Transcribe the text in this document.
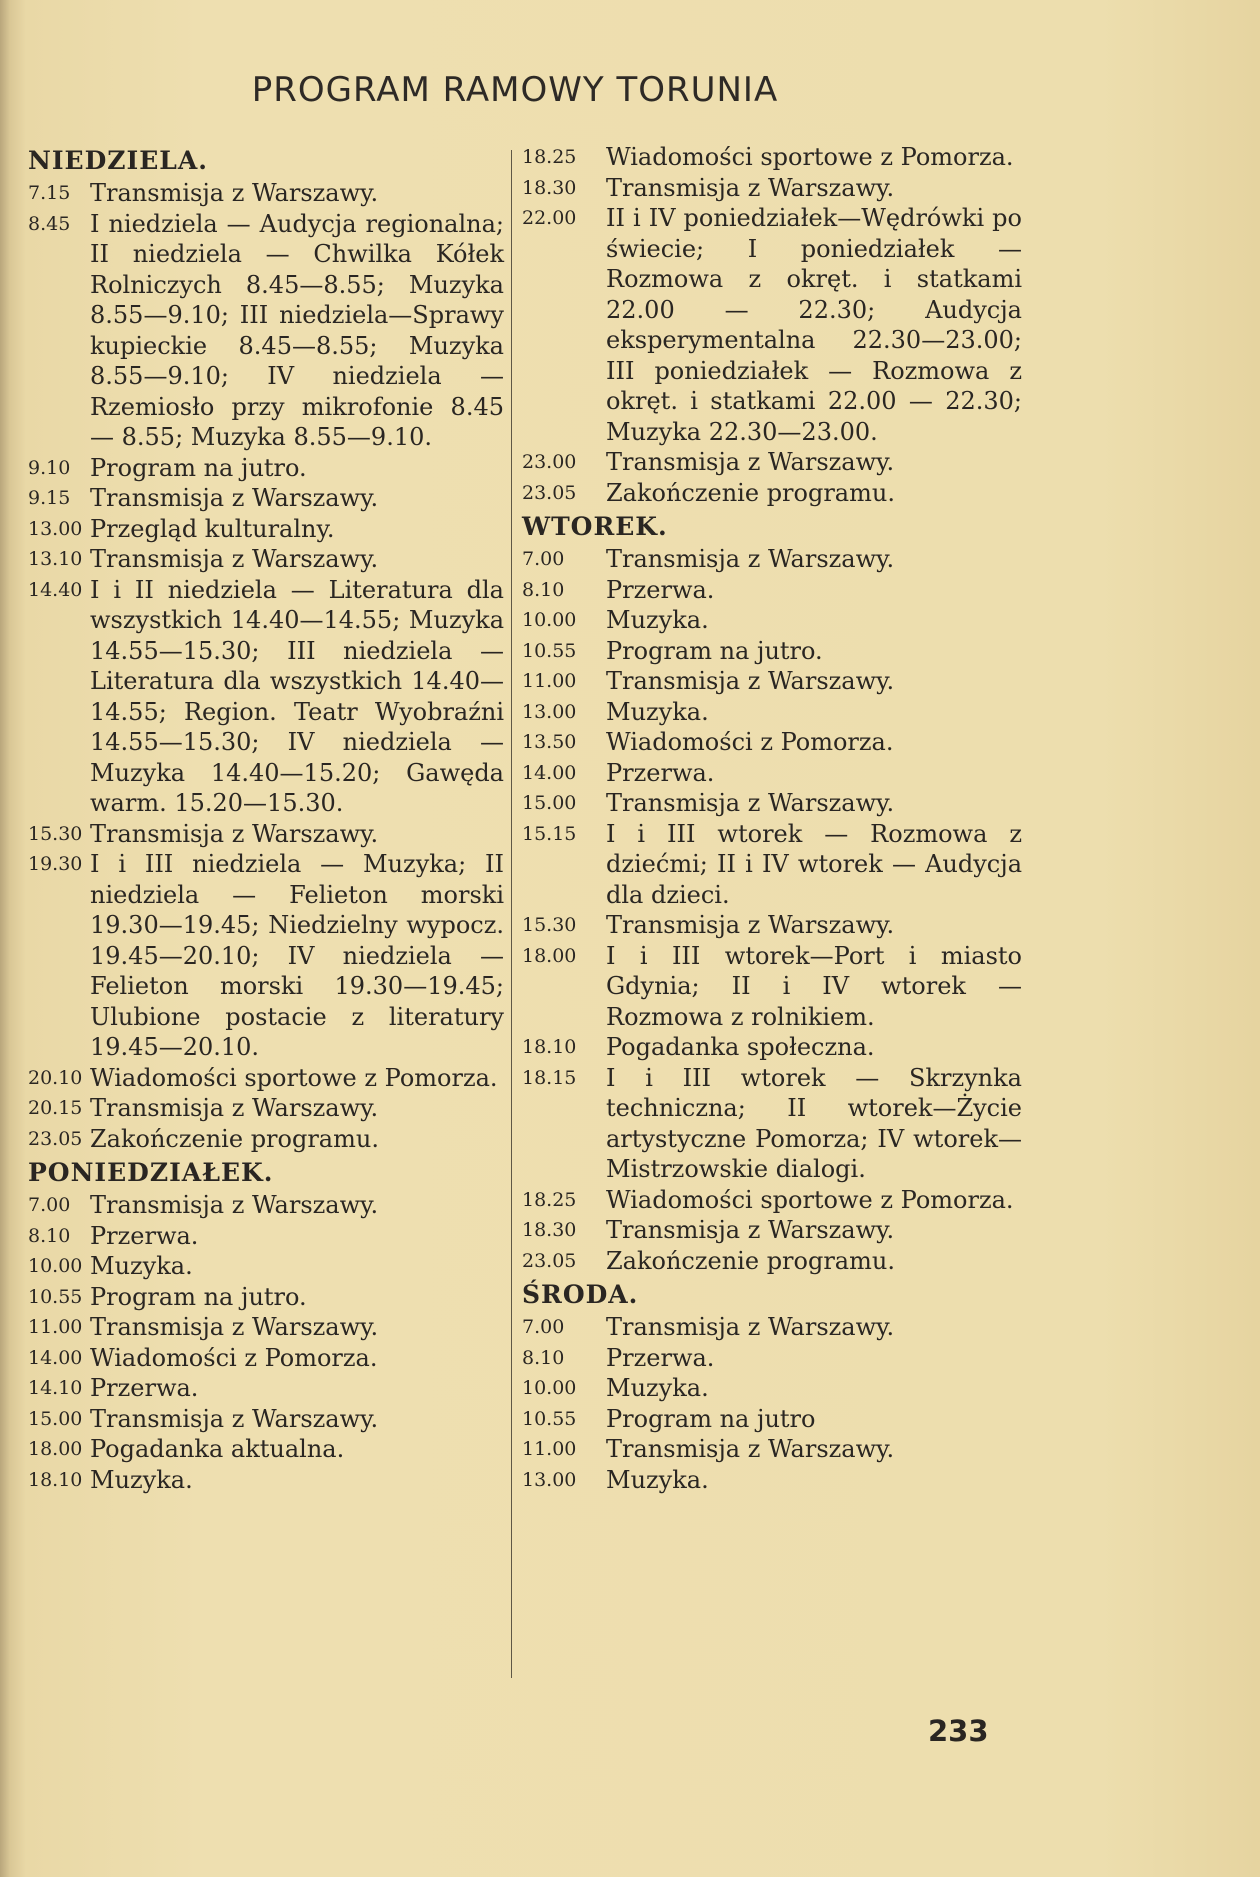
PROGRAM RAMOWY TORUNIA
NIEDZIELA.
7.15 Transmisja z Warszawy.
8.45 I niedziela — Audycja regionalna; II niedziela — Chwilka Kółek Rolniczych 8.45—8.55; Muzyka 8.55—9.10; III niedziela—Sprawy kupieckie 8.45—8.55; Muzyka 8.55—9.10; IV niedziela — Rzemiosło przy mikrofonie 8.45 — 8.55; Muzyka 8.55—9.10.
9.10 Program na jutro.
9.15 Transmisja z Warszawy.
13.00 Przegląd kulturalny.
13.10 Transmisja z Warszawy.
14.40 I i II niedziela — Literatura dla wszystkich 14.40—14.55; Muzyka 14.55—15.30; III niedziela — Literatura dla wszystkich 14.40—14.55; Region. Teatr Wyobraźni 14.55—15.30; IV niedziela — Muzyka 14.40—15.20; Gawęda warm. 15.20—15.30.
15.30 Transmisja z Warszawy.
19.30 I i III niedziela — Muzyka; II niedziela — Felieton morski 19.30—19.45; Niedzielny wypocz. 19.45—20.10; IV niedziela — Felieton morski 19.30—19.45; Ulubione postacie z literatury 19.45—20.10.
20.10 Wiadomości sportowe z Pomorza.
20.15 Transmisja z Warszawy.
23.05 Zakończenie programu.
PONIEDZIAŁEK.
7.00 Transmisja z Warszawy.
8.10 Przerwa.
10.00 Muzyka.
10.55 Program na jutro.
11.00 Transmisja z Warszawy.
14.00 Wiadomości z Pomorza.
14.10 Przerwa.
15.00 Transmisja z Warszawy.
18.00 Pogadanka aktualna.
18.10 Muzyka.
18.25	Wiadomości sportowe z Pomorza.
18.30	Transmisja z Warszawy.
22.00	II i IV poniedziałek—Wędrówki po świecie; I poniedziałek — Rozmowa z okręt. i statkami 22.00 — 22.30; Audycja eksperymentalna 22.30—23.00; III poniedziałek — Rozmowa z okręt. i statkami 22.00 — 22.30; Muzyka 22.30—23.00.
23.00	Transmisja z Warszawy.
23.05	Zakończenie programu.
WTOREK.
7.00	Transmisja z Warszawy.
8.10	Przerwa.
10.00	Muzyka.
10.55	Program na jutro.
11.00	Transmisja z Warszawy.
13.00	Muzyka.
13.50	Wiadomości z Pomorza.
14.00	Przerwa.
15.00	Transmisja z Warszawy.
15.15	I i III wtorek — Rozmowa z dziećmi; II i IV wtorek — Audycja dla dzieci.
15.30	Transmisja z Warszawy.
18.00	I i III wtorek—Port i miasto Gdynia; II i IV wtorek — Rozmowa z rolnikiem.
18.10	Pogadanka społeczna.
18.15	I i III wtorek — Skrzynka techniczna; II wtorek—Życie artystyczne Pomorza; IV wtorek—Mistrzowskie dialogi.
18.25	Wiadomości sportowe z Pomorza.
18.30	Transmisja z Warszawy.
23.05	Zakończenie programu.
ŚRODA.
7.00	Transmisja z Warszawy.
8.10	Przerwa.
10.00	Muzyka.
10.55	Program na jutro
11.00	Transmisja z Warszawy.
13.00	Muzyka.
233
